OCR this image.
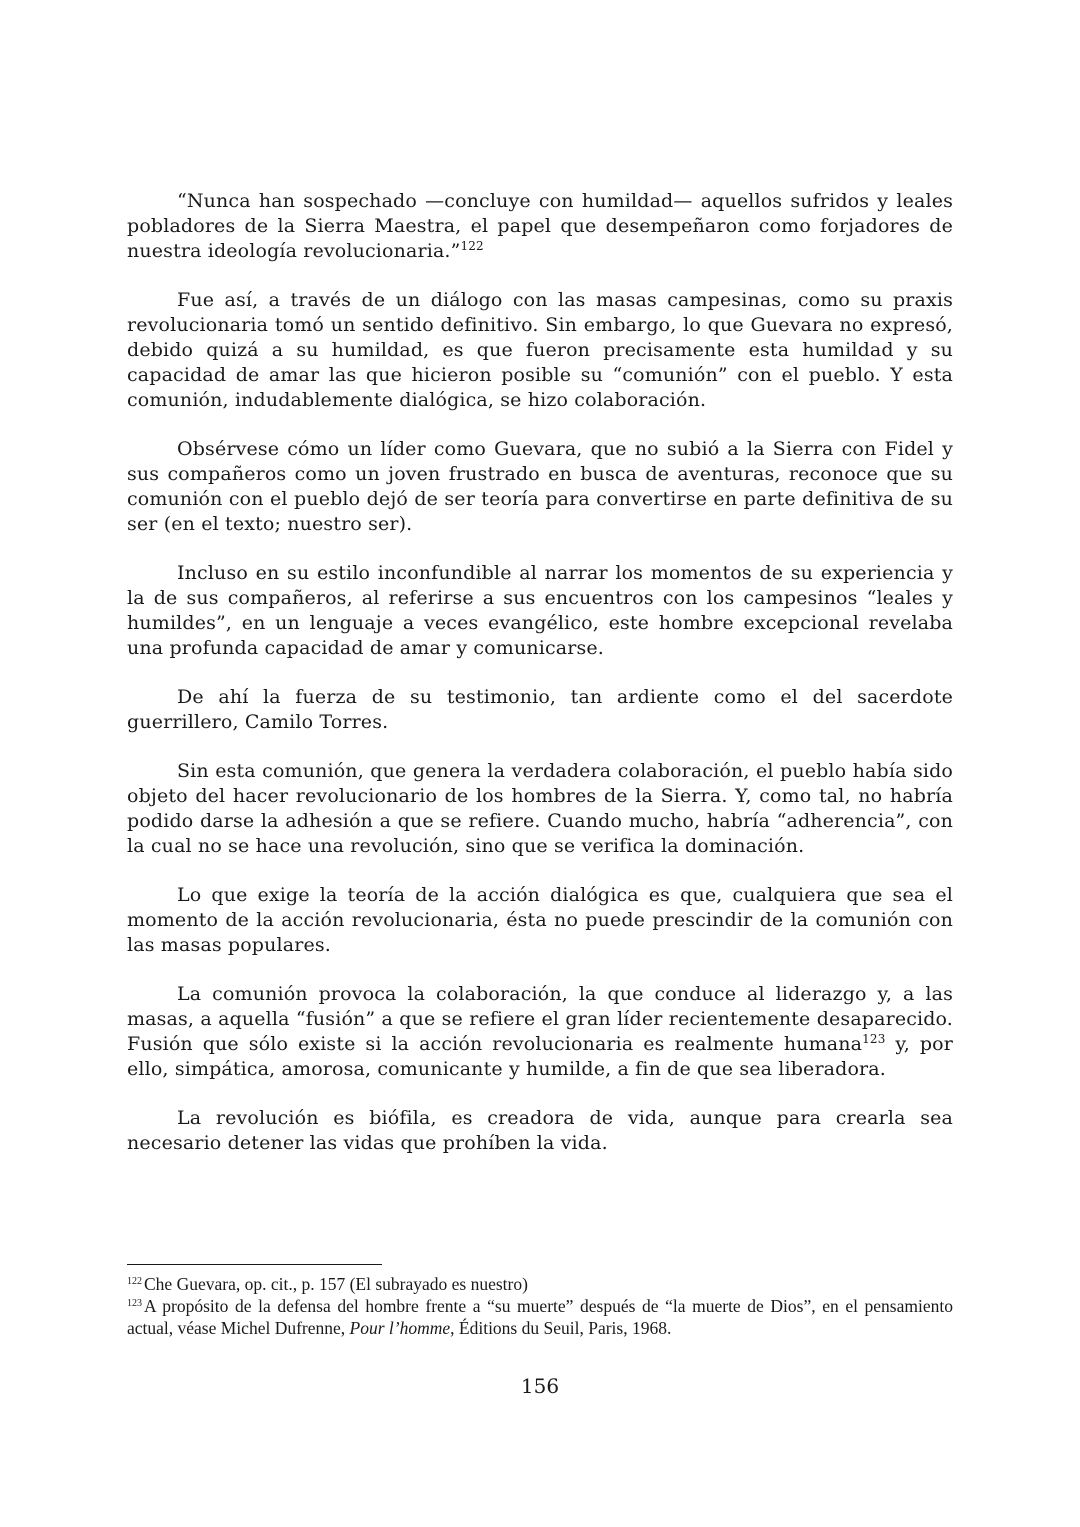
“Nunca han sospechado —concluye con humildad— aquellos sufridos y leales pobladores de la Sierra Maestra, el papel que desempeñaron como forjadores de nuestra ideología revolucionaria.”$^{122}$

Fue así, a través de un diálogo con las masas campesinas, como su praxis revolucionaria tomó un sentido definitivo. Sin embargo, lo que Guevara no expresó, debido quizá a su humildad, es que fueron precisamente esta humildad y su capacidad de amar las que hicieron posible su “comunión” con el pueblo. Y esta comunión, indudablemente dialógica, se hizo colaboración.

Obsérvese cómo un líder como Guevara, que no subió a la Sierra con Fidel y sus compañeros como un joven frustrado en busca de aventuras, reconoce que su comunión con el pueblo dejó de ser teoría para convertirse en parte definitiva de su ser (en el texto; nuestro ser).

Incluso en su estilo inconfundible al narrar los momentos de su experiencia y la de sus compañeros, al referirse a sus encuentros con los campesinos “leales y humildes”, en un lenguaje a veces evangélico, este hombre excepcional revelaba una profunda capacidad de amar y comunicarse.

De ahí la fuerza de su testimonio, tan ardiente como el del sacerdote guerrillero, Camilo Torres.

Sin esta comunión, que genera la verdadera colaboración, el pueblo había sido objeto del hacer revolucionario de los hombres de la Sierra. Y, como tal, no habría podido darse la adhesión a que se refiere. Cuando mucho, habría “adherencia”, con la cual no se hace una revolución, sino que se verifica la dominación.

Lo que exige la teoría de la acción dialógica es que, cualquiera que sea el momento de la acción revolucionaria, ésta no puede prescindir de la comunión con las masas populares.

La comunión provoca la colaboración, la que conduce al liderazgo y, a las masas, a aquella “fusión” a que se refiere el gran líder recientemente desaparecido. Fusión que sólo existe si la acción revolucionaria es realmente humana$^{123}$ y, por ello, simpática, amorosa, comunicante y humilde, a fin de que sea liberadora.

La revolución es biófila, es creadora de vida, aunque para crearla sea necesario detener las vidas que prohíben la vida.

$^{122}$ Che Guevara, op. cit., p. 157 (El subrayado es nuestro)

$^{123}$ A propósito de la defensa del hombre frente a “su muerte” después de “la muerte de Dios”, en el pensamiento actual, véase Michel Dufrenne, Pour l’homme, Éditions du Seuil, Paris, 1968.

156
